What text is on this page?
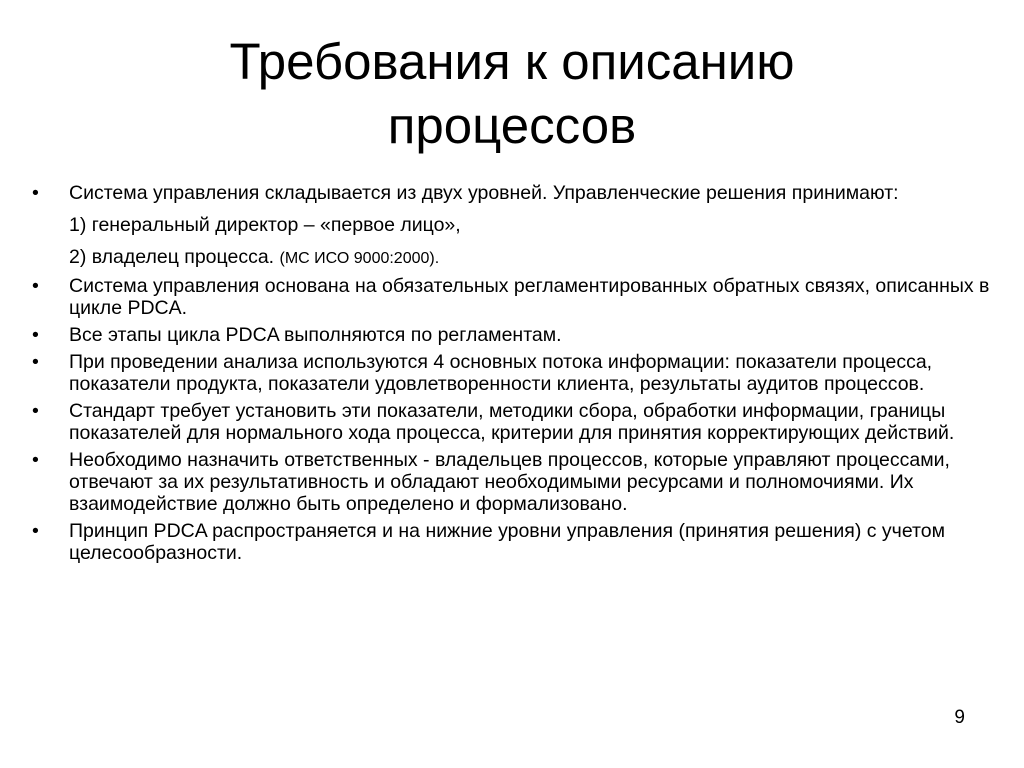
Требования к описанию
процессов
• Система управления складывается из двух уровней. Управленческие решения принимают:
1) генеральный директор – «первое лицо»,
2) владелец процесса. (МС ИСО 9000:2000).
• Система управления основана на обязательных регламентированных обратных связях, описанных в цикле PDCA.
• Все этапы цикла PDCA выполняются по регламентам.
• При проведении анализа используются 4 основных потока информации: показатели процесса, показатели продукта, показатели удовлетворенности клиента, результаты аудитов процессов.
• Стандарт требует установить эти показатели, методики сбора, обработки информации, границы показателей для нормального хода процесса, критерии для принятия корректирующих действий.
• Необходимо назначить ответственных - владельцев процессов, которые управляют процессами, отвечают за их результативность и обладают необходимыми ресурсами и полномочиями. Их взаимодействие должно быть определено и формализовано.
• Принцип PDCA распространяется и на нижние уровни управления (принятия решения) с учетом целесообразности.
9
